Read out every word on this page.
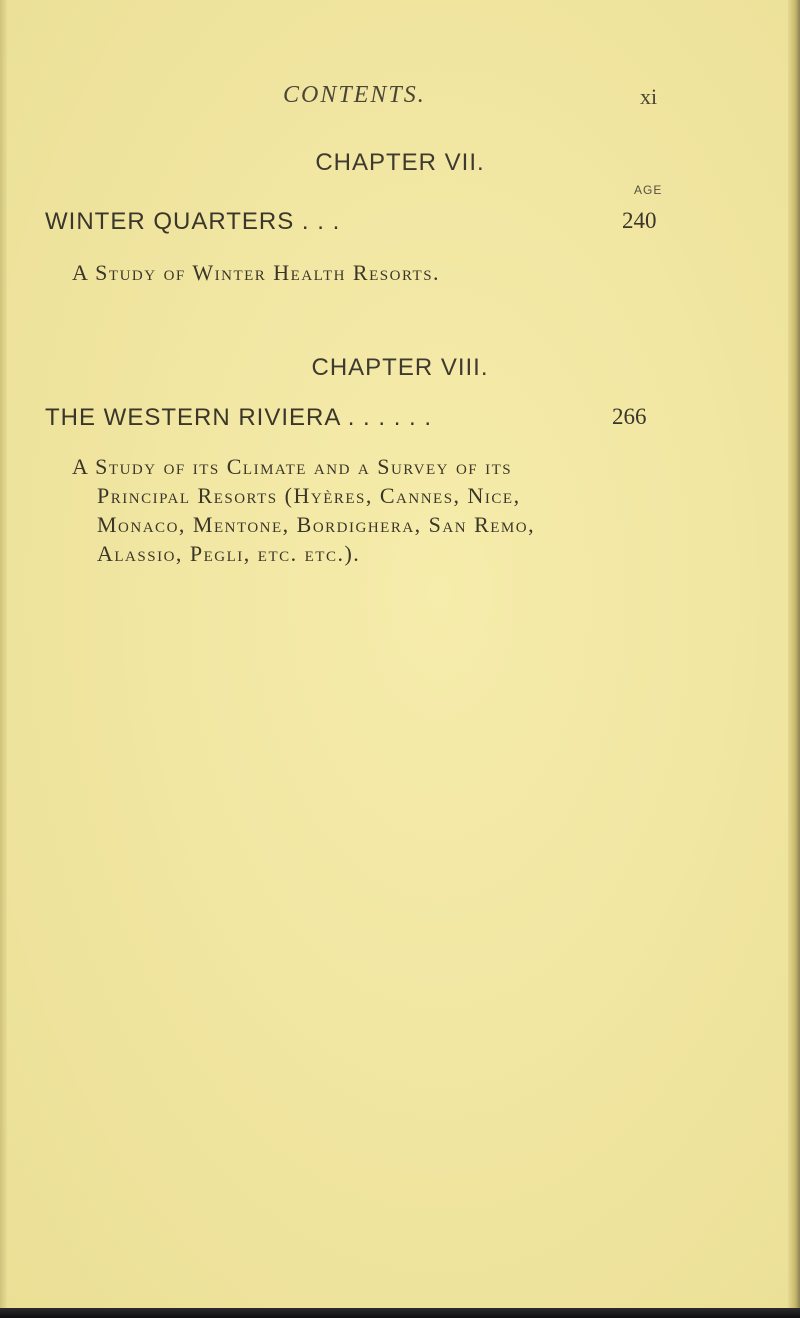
CONTENTS.	xi
CHAPTER VII.
AGE
WINTER QUARTERS . . .	240
A Study of Winter Health Resorts.
CHAPTER VIII.
THE WESTERN RIVIERA . . . . . .	266
A Study of its Climate and a Survey of its
Principal Resorts (Hyères, Cannes, Nice,
Monaco, Mentone, Bordighera, San Remo,
Alassio, Pegli, etc. etc.).
